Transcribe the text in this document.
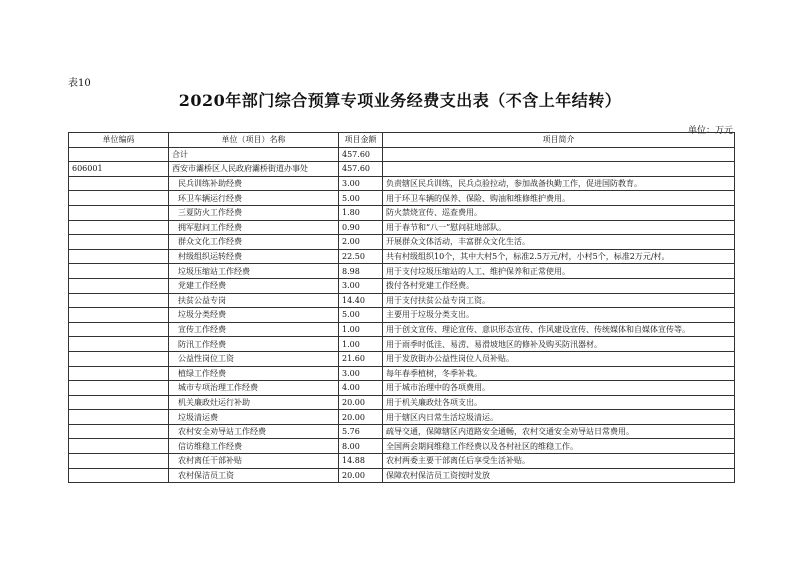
表10
2020年部门综合预算专项业务经费支出表（不含上年结转）
单位：万元
单位编码	单位（项目）名称	项目金额	项目简介
	合计	457.60	
606001	西安市灞桥区人民政府灞桥街道办事处	457.60	
	民兵训练补助经费	3.00	负责辖区民兵训练，民兵点验拉动，参加战备执勤工作，促进国防教育。
	环卫车辆运行经费	5.00	用于环卫车辆的保养、保险、购油和维修维护费用。
	三夏防火工作经费	1.80	防火禁烧宣传、巡查费用。
	拥军慰问工作经费	0.90	用于春节和“八一”慰问驻地部队。
	群众文化工作经费	2.00	开展群众文体活动，丰富群众文化生活。
	村级组织运转经费	22.50	共有村级组织10个，其中大村5个，标准2.5万元/村，小村5个，标准2万元/村。
	垃圾压缩站工作经费	8.98	用于支付垃圾压缩站的人工、维护保养和正常使用。
	党建工作经费	3.00	拨付各村党建工作经费。
	扶贫公益专岗	14.40	用于支付扶贫公益专岗工资。
	垃圾分类经费	5.00	主要用于垃圾分类支出。
	宣传工作经费	1.00	用于创文宣传、理论宣传、意识形态宣传、作风建设宣传、传统媒体和自媒体宣传等。
	防汛工作经费	1.00	用于雨季时低洼、易涝、易滑坡地区的修补及购买防汛器材。
	公益性岗位工资	21.60	用于发放街办公益性岗位人员补贴。
	植绿工作经费	3.00	每年春季植树，冬季补栽。
	城市专项治理工作经费	4.00	用于城市治理中的各项费用。
	机关廉政灶运行补助	20.00	用于机关廉政灶各项支出。
	垃圾清运费	20.00	用于辖区内日常生活垃圾清运。
	农村安全劝导站工作经费	5.76	疏导交通，保障辖区内道路安全通畅，农村交通安全劝导站日常费用。
	信访维稳工作经费	8.00	全国两会期间维稳工作经费以及各村社区的维稳工作。
	农村离任干部补贴	14.88	农村两委主要干部离任后享受生活补贴。
	农村保洁员工资	20.00	保障农村保洁员工资按时发放
